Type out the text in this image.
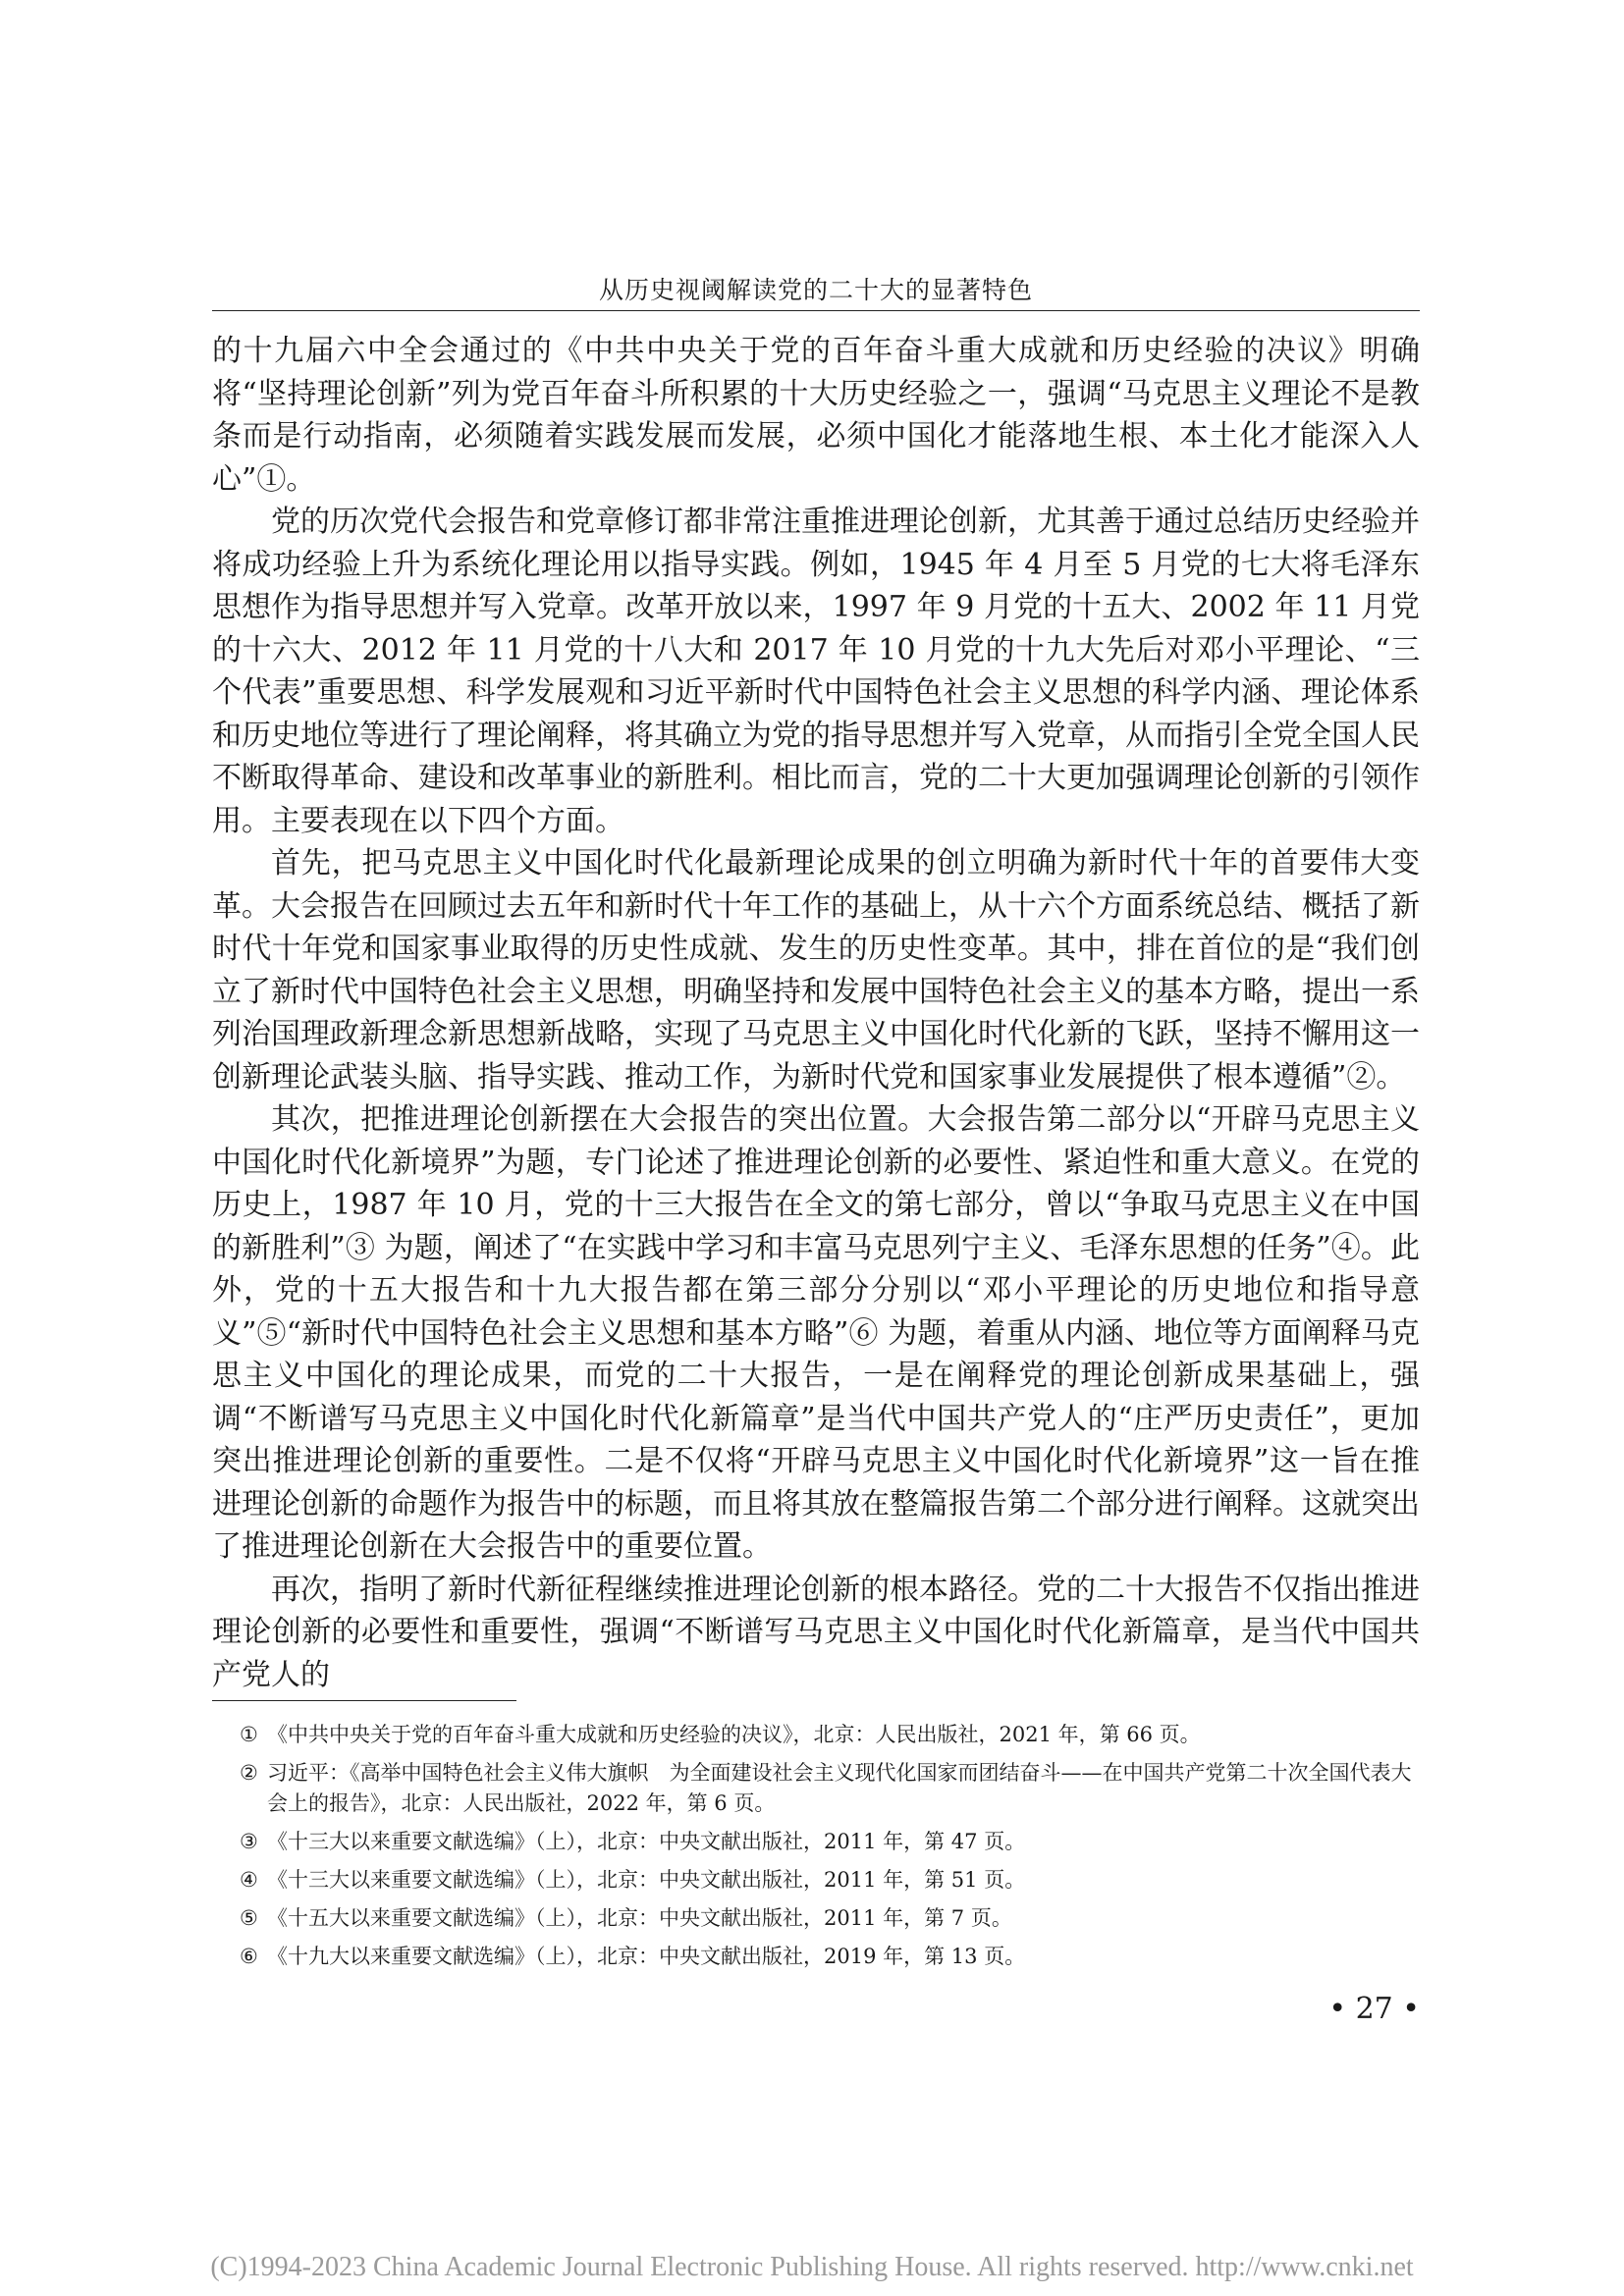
从历史视阈解读党的二十大的显著特色

的十九届六中全会通过的《中共中央关于党的百年奋斗重大成就和历史经验的决议》明确将“坚持理论创新”列为党百年奋斗所积累的十大历史经验之一，强调“马克思主义理论不是教条而是行动指南，必须随着实践发展而发展，必须中国化才能落地生根、本土化才能深入人心”①。

党的历次党代会报告和党章修订都非常注重推进理论创新，尤其善于通过总结历史经验并将成功经验上升为系统化理论用以指导实践。例如，1945 年 4 月至 5 月党的七大将毛泽东思想作为指导思想并写入党章。改革开放以来，1997 年 9 月党的十五大、2002 年 11 月党的十六大、2012 年 11 月党的十八大和 2017 年 10 月党的十九大先后对邓小平理论、“三个代表”重要思想、科学发展观和习近平新时代中国特色社会主义思想的科学内涵、理论体系和历史地位等进行了理论阐释，将其确立为党的指导思想并写入党章，从而指引全党全国人民不断取得革命、建设和改革事业的新胜利。相比而言，党的二十大更加强调理论创新的引领作用。主要表现在以下四个方面。

首先，把马克思主义中国化时代化最新理论成果的创立明确为新时代十年的首要伟大变革。大会报告在回顾过去五年和新时代十年工作的基础上，从十六个方面系统总结、概括了新时代十年党和国家事业取得的历史性成就、发生的历史性变革。其中，排在首位的是“我们创立了新时代中国特色社会主义思想，明确坚持和发展中国特色社会主义的基本方略，提出一系列治国理政新理念新思想新战略，实现了马克思主义中国化时代化新的飞跃，坚持不懈用这一创新理论武装头脑、指导实践、推动工作，为新时代党和国家事业发展提供了根本遵循”②。

其次，把推进理论创新摆在大会报告的突出位置。大会报告第二部分以“开辟马克思主义中国化时代化新境界”为题，专门论述了推进理论创新的必要性、紧迫性和重大意义。在党的历史上，1987 年 10 月，党的十三大报告在全文的第七部分，曾以“争取马克思主义在中国的新胜利”③ 为题，阐述了“在实践中学习和丰富马克思列宁主义、毛泽东思想的任务”④。此外，党的十五大报告和十九大报告都在第三部分分别以“邓小平理论的历史地位和指导意义”⑤“新时代中国特色社会主义思想和基本方略”⑥ 为题，着重从内涵、地位等方面阐释马克思主义中国化的理论成果，而党的二十大报告，一是在阐释党的理论创新成果基础上，强调“不断谱写马克思主义中国化时代化新篇章”是当代中国共产党人的“庄严历史责任”，更加突出推进理论创新的重要性。二是不仅将“开辟马克思主义中国化时代化新境界”这一旨在推进理论创新的命题作为报告中的标题，而且将其放在整篇报告第二个部分进行阐释。这就突出了推进理论创新在大会报告中的重要位置。

再次，指明了新时代新征程继续推进理论创新的根本路径。党的二十大报告不仅指出推进理论创新的必要性和重要性，强调“不断谱写马克思主义中国化时代化新篇章，是当代中国共产党人的

① 《中共中央关于党的百年奋斗重大成就和历史经验的决议》，北京：人民出版社，2021 年，第 66 页。
② 习近平：《高举中国特色社会主义伟大旗帜　为全面建设社会主义现代化国家而团结奋斗——在中国共产党第二十次全国代表大会上的报告》，北京：人民出版社，2022 年，第 6 页。
③ 《十三大以来重要文献选编》（上），北京：中央文献出版社，2011 年，第 47 页。
④ 《十三大以来重要文献选编》（上），北京：中央文献出版社，2011 年，第 51 页。
⑤ 《十五大以来重要文献选编》（上），北京：中央文献出版社，2011 年，第 7 页。
⑥ 《十九大以来重要文献选编》（上），北京：中央文献出版社，2019 年，第 13 页。
• 27 •
(C)1994-2023 China Academic Journal Electronic Publishing House. All rights reserved. http://www.cnki.net
